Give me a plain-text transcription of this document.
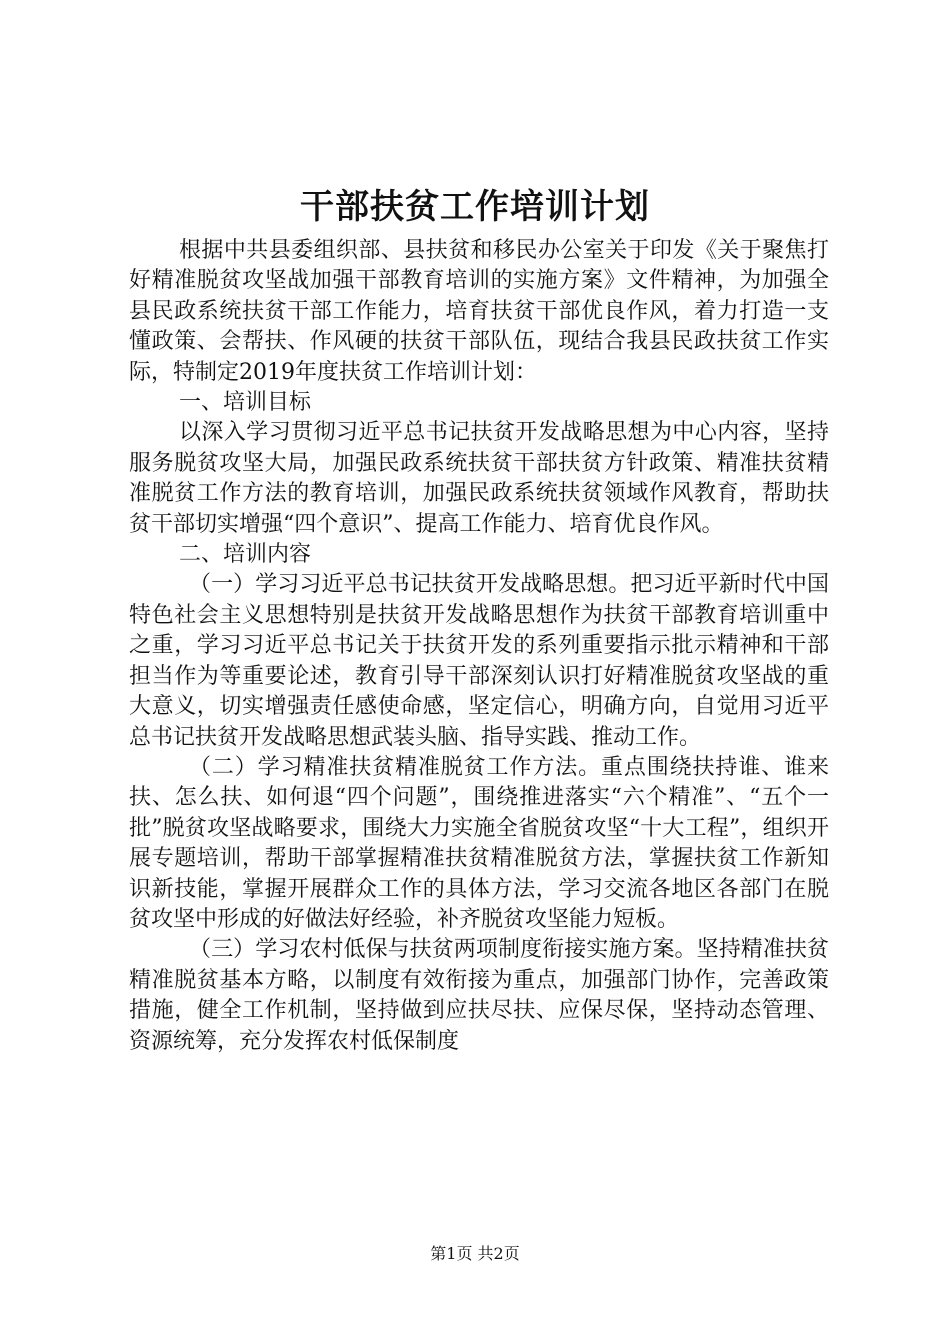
干部扶贫工作培训计划

根据中共县委组织部、县扶贫和移民办公室关于印发《关于聚焦打好精准脱贫攻坚战加强干部教育培训的实施方案》文件精神，为加强全县民政系统扶贫干部工作能力，培育扶贫干部优良作风，着力打造一支懂政策、会帮扶、作风硬的扶贫干部队伍，现结合我县民政扶贫工作实际，特制定2019年度扶贫工作培训计划：

一、培训目标

以深入学习贯彻习近平总书记扶贫开发战略思想为中心内容，坚持服务脱贫攻坚大局，加强民政系统扶贫干部扶贫方针政策、精准扶贫精准脱贫工作方法的教育培训，加强民政系统扶贫领域作风教育，帮助扶贫干部切实增强“四个意识”、提高工作能力、培育优良作风。

二、培训内容

（一）学习习近平总书记扶贫开发战略思想。把习近平新时代中国特色社会主义思想特别是扶贫开发战略思想作为扶贫干部教育培训重中之重，学习习近平总书记关于扶贫开发的系列重要指示批示精神和干部担当作为等重要论述，教育引导干部深刻认识打好精准脱贫攻坚战的重大意义，切实增强责任感使命感，坚定信心，明确方向，自觉用习近平总书记扶贫开发战略思想武装头脑、指导实践、推动工作。

（二）学习精准扶贫精准脱贫工作方法。重点围绕扶持谁、谁来扶、怎么扶、如何退“四个问题”，围绕推进落实“六个精准”、“五个一批”脱贫攻坚战略要求，围绕大力实施全省脱贫攻坚“十大工程”，组织开展专题培训，帮助干部掌握精准扶贫精准脱贫方法，掌握扶贫工作新知识新技能，掌握开展群众工作的具体方法，学习交流各地区各部门在脱贫攻坚中形成的好做法好经验，补齐脱贫攻坚能力短板。

（三）学习农村低保与扶贫两项制度衔接实施方案。坚持精准扶贫精准脱贫基本方略，以制度有效衔接为重点，加强部门协作，完善政策措施，健全工作机制，坚持做到应扶尽扶、应保尽保，坚持动态管理、资源统筹，充分发挥农村低保制度

第1页 共2页
